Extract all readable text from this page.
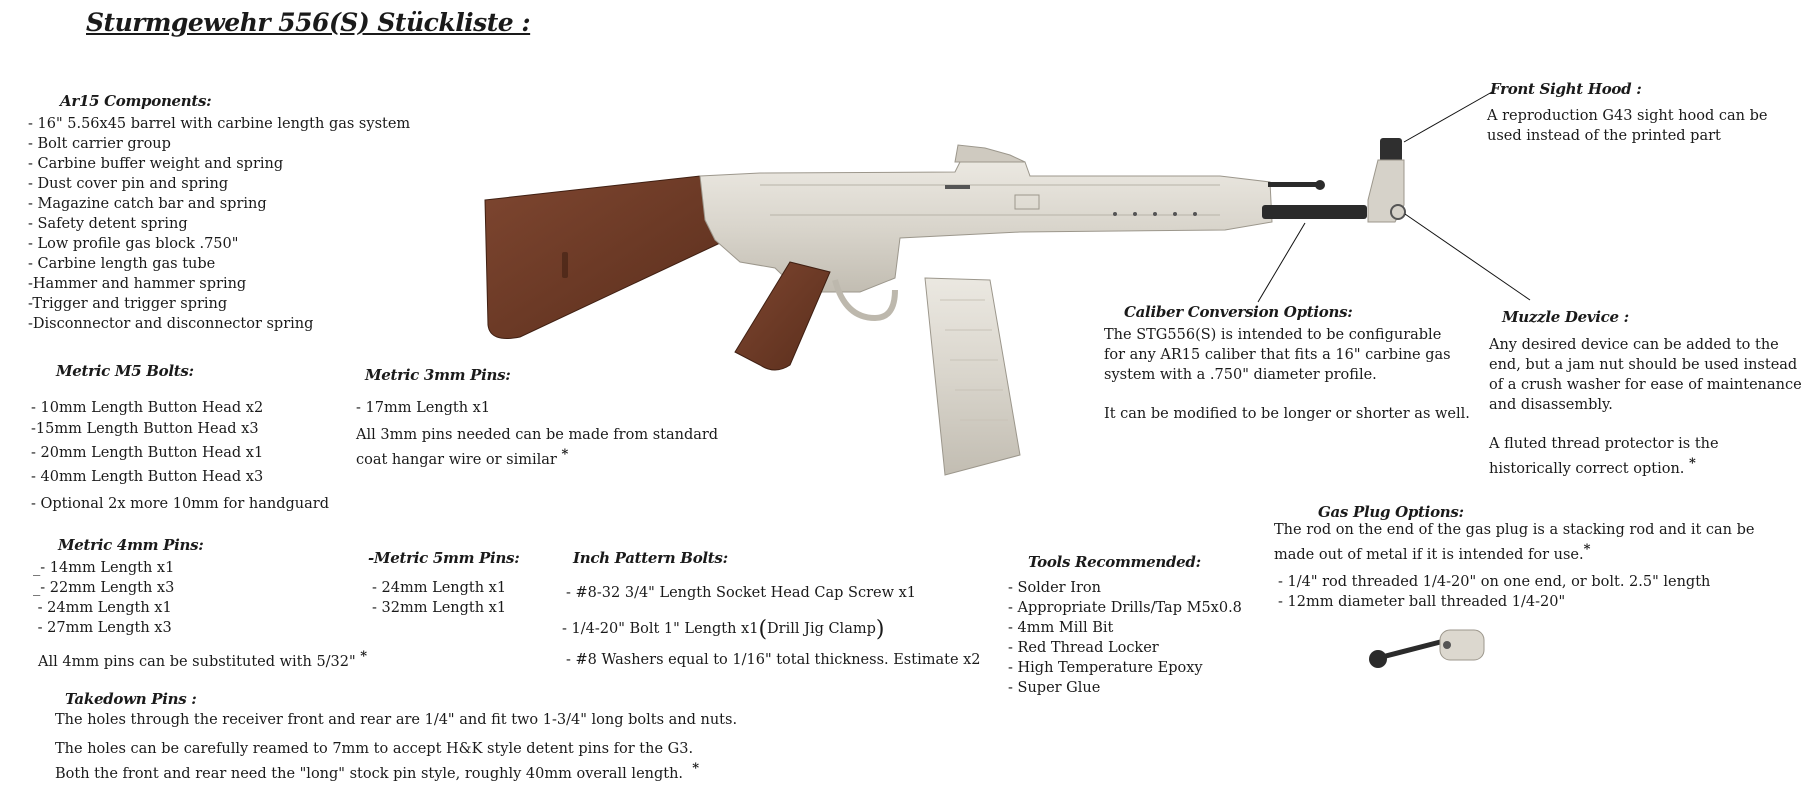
Sturmgewehr 556(S) Stückliste :
Ar15 Components:
- 16" 5.56x45 barrel with carbine length gas system
- Bolt carrier group
- Carbine buffer weight and spring
- Dust cover pin and spring
- Magazine catch bar and spring
- Safety detent spring
- Low profile gas block .750"
- Carbine length gas tube
-Hammer and hammer spring
-Trigger and trigger spring
-Disconnector and disconnector spring
Metric M5 Bolts:
- 10mm Length Button Head x2
-15mm Length Button Head x3
- 20mm Length Button Head x1
- 40mm Length Button Head x3
- Optional 2x more 10mm for handguard
Metric 3mm Pins:
- 17mm Length x1
All 3mm pins needed can be made from standard
coat hangar wire or similar *
Metric 4mm Pins:
_- 14mm Length x1
_- 22mm Length x3
- 24mm Length x1
- 27mm Length x3
All 4mm pins can be substituted with 5/32" *
-Metric 5mm Pins:
- 24mm Length x1
- 32mm Length x1
Inch Pattern Bolts:
- #8-32 3/4" Length Socket Head Cap Screw x1
- 1/4-20" Bolt 1" Length x1(Drill Jig Clamp)
- #8 Washers equal to 1/16" total thickness. Estimate x2
Tools Recommended:
- Solder Iron
- Appropriate Drills/Tap M5x0.8
- 4mm Mill Bit
- Red Thread Locker
- High Temperature Epoxy
- Super Glue
Takedown Pins :
The holes through the receiver front and rear are 1/4" and fit two 1-3/4" long bolts and nuts.
The holes can be carefully reamed to 7mm to accept H&K style detent pins for the G3.
Both the front and rear need the "long" stock pin style, roughly 40mm overall length. *
Caliber Conversion Options:
The STG556(S) is intended to be configurable
for any AR15 caliber that fits a 16" carbine gas
system with a .750" diameter profile.
It can be modified to be longer or shorter as well.
Front Sight Hood :
A reproduction G43 sight hood can be
used instead of the printed part
Muzzle Device :
Any desired device can be added to the
end, but a jam nut should be used instead
of a crush washer for ease of maintenance
and disassembly.
A fluted thread protector is the
historically correct option. *
Gas Plug Options:
The rod on the end of the gas plug is a stacking rod and it can be
made out of metal if it is intended for use.*
- 1/4" rod threaded 1/4-20" on one end, or bolt. 2.5" length
- 12mm diameter ball threaded 1/4-20"
